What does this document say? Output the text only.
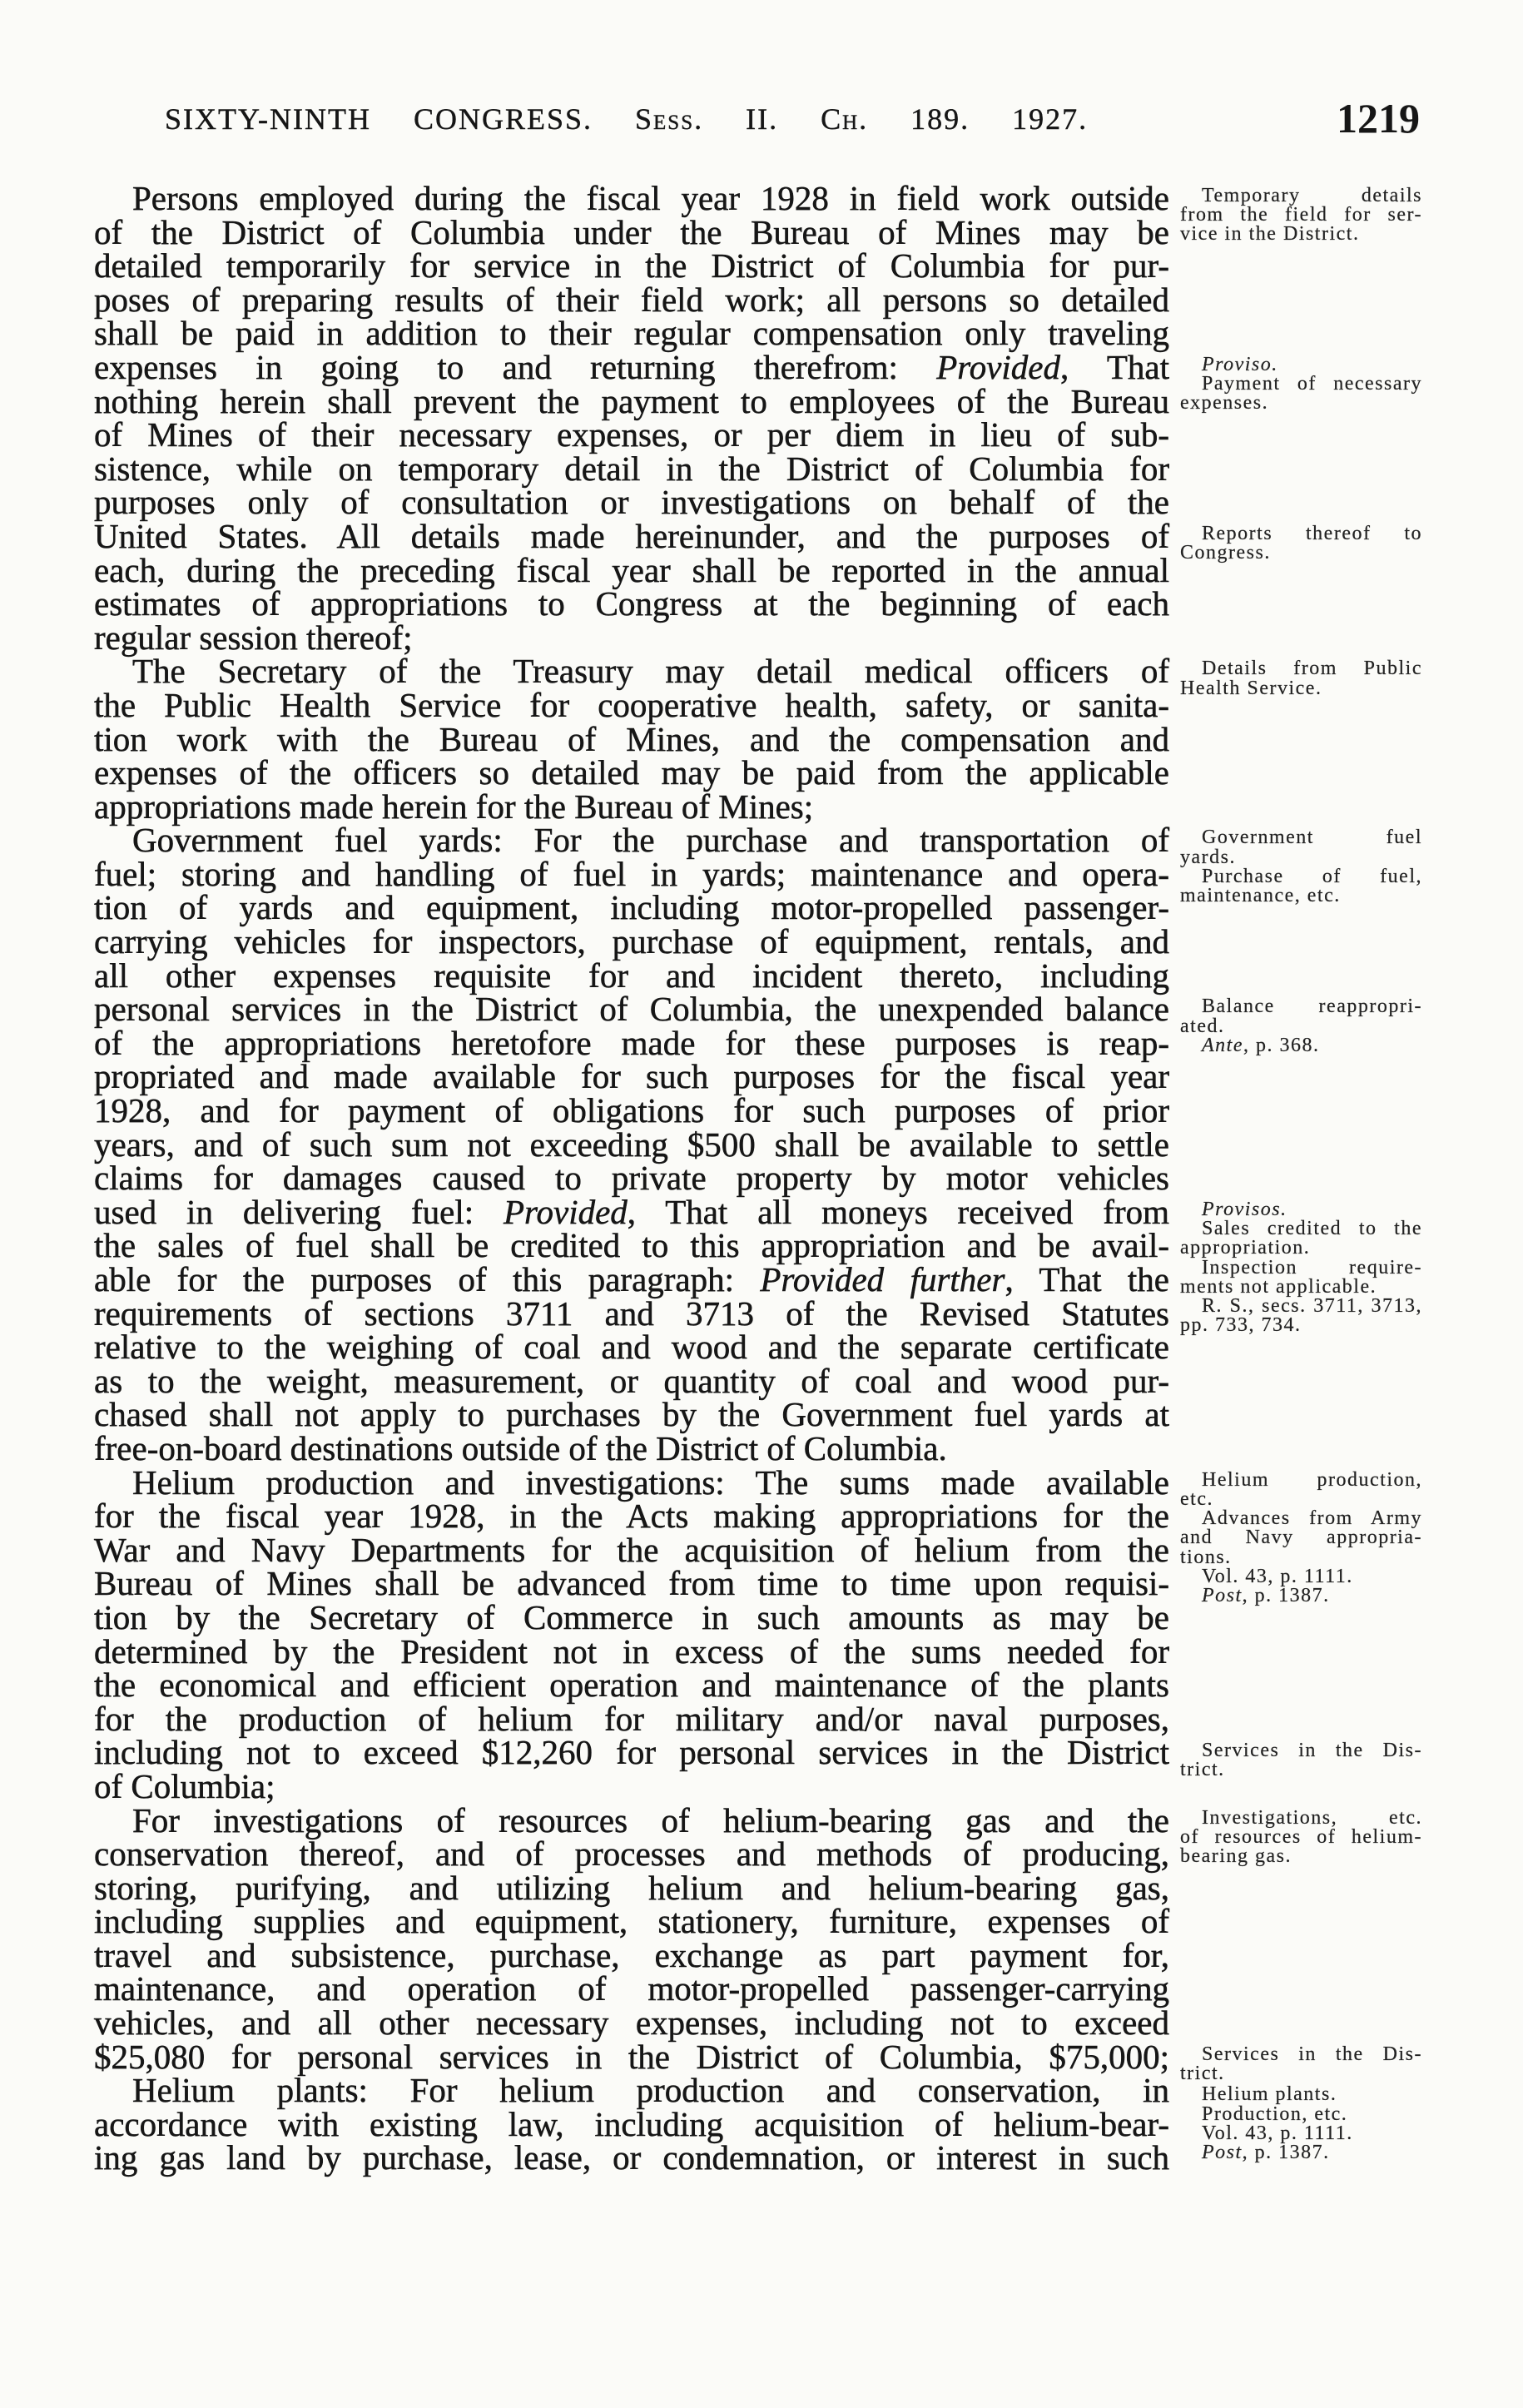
SIXTY-NINTH CONGRESS. Sess. II. Ch. 189. 1927.	1219
Persons employed during the fiscal year 1928 in field work outside
of the District of Columbia under the Bureau of Mines may be
detailed temporarily for service in the District of Columbia for pur-
poses of preparing results of their field work; all persons so detailed
shall be paid in addition to their regular compensation only traveling
expenses in going to and returning therefrom: Provided, That
nothing herein shall prevent the payment to employees of the Bureau
of Mines of their necessary expenses, or per diem in lieu of sub-
sistence, while on temporary detail in the District of Columbia for
purposes only of consultation or investigations on behalf of the
United States. All details made hereinunder, and the purposes of
each, during the preceding fiscal year shall be reported in the annual
estimates of appropriations to Congress at the beginning of each
regular session thereof;
The Secretary of the Treasury may detail medical officers of
the Public Health Service for cooperative health, safety, or sanita-
tion work with the Bureau of Mines, and the compensation and
expenses of the officers so detailed may be paid from the applicable
appropriations made herein for the Bureau of Mines;
Government fuel yards: For the purchase and transportation of
fuel; storing and handling of fuel in yards; maintenance and opera-
tion of yards and equipment, including motor-propelled passenger-
carrying vehicles for inspectors, purchase of equipment, rentals, and
all other expenses requisite for and incident thereto, including
personal services in the District of Columbia, the unexpended balance
of the appropriations heretofore made for these purposes is reap-
propriated and made available for such purposes for the fiscal year
1928, and for payment of obligations for such purposes of prior
years, and of such sum not exceeding $500 shall be available to settle
claims for damages caused to private property by motor vehicles
used in delivering fuel: Provided, That all moneys received from
the sales of fuel shall be credited to this appropriation and be avail-
able for the purposes of this paragraph: Provided further, That the
requirements of sections 3711 and 3713 of the Revised Statutes
relative to the weighing of coal and wood and the separate certificate
as to the weight, measurement, or quantity of coal and wood pur-
chased shall not apply to purchases by the Government fuel yards at
free-on-board destinations outside of the District of Columbia.
Helium production and investigations: The sums made available
for the fiscal year 1928, in the Acts making appropriations for the
War and Navy Departments for the acquisition of helium from the
Bureau of Mines shall be advanced from time to time upon requisi-
tion by the Secretary of Commerce in such amounts as may be
determined by the President not in excess of the sums needed for
the economical and efficient operation and maintenance of the plants
for the production of helium for military and/or naval purposes,
including not to exceed $12,260 for personal services in the District
of Columbia;
For investigations of resources of helium-bearing gas and the
conservation thereof, and of processes and methods of producing,
storing, purifying, and utilizing helium and helium-bearing gas,
including supplies and equipment, stationery, furniture, expenses of
travel and subsistence, purchase, exchange as part payment for,
maintenance, and operation of motor-propelled passenger-carrying
vehicles, and all other necessary expenses, including not to exceed
$25,080 for personal services in the District of Columbia, $75,000;
Helium plants: For helium production and conservation, in
accordance with existing law, including acquisition of helium-bear-
ing gas land by purchase, lease, or condemnation, or interest in such
Temporary details
from the field for ser-
vice in the District.
Proviso.
Payment of necessary
expenses.
Reports thereof to
Congress.
Details from Public
Health Service.
Government fuel
yards.
Purchase of fuel,
maintenance, etc.
Balance reappropri-
ated.
Ante, p. 368.
Provisos.
Sales credited to the
appropriation.
Inspection require-
ments not applicable.
R. S., secs. 3711, 3713,
pp. 733, 734.
Helium production,
etc.
Advances from Army
and Navy appropria-
tions.
Vol. 43, p. 1111.
Post, p. 1387.
Services in the Dis-
trict.
Investigations, etc.
of resources of helium-
bearing gas.
Services in the Dis-
trict.
Helium plants.
Production, etc.
Vol. 43, p. 1111.
Post, p. 1387.
